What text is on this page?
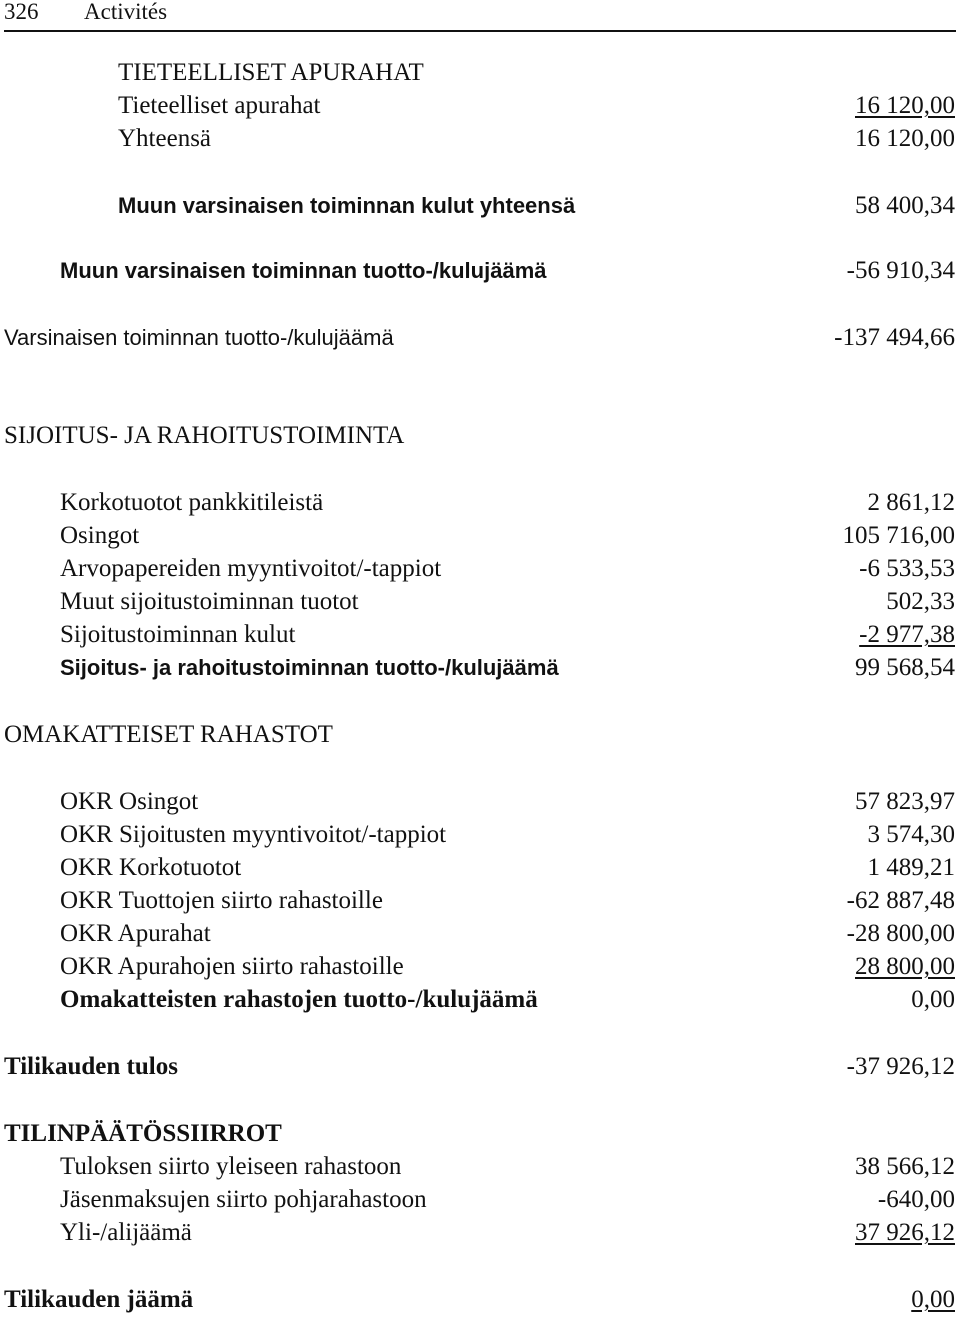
326 Activités
TIETEELLISET APURAHAT
Tieteelliset apurahat	16 120,00
Yhteensä	16 120,00
Muun varsinaisen toiminnan kulut yhteensä	58 400,34
Muun varsinaisen toiminnan tuotto-/kulujäämä	-56 910,34
Varsinaisen toiminnan tuotto-/kulujäämä	-137 494,66
SIJOITUS- JA RAHOITUSTOIMINTA
Korkotuotot pankkitileistä	2 861,12
Osingot	105 716,00
Arvopapereiden myyntivoitot/-tappiot	-6 533,53
Muut sijoitustoiminnan tuotot	502,33
Sijoitustoiminnan kulut	-2 977,38
Sijoitus- ja rahoitustoiminnan tuotto-/kulujäämä	99 568,54
OMAKATTEISET RAHASTOT
OKR Osingot	57 823,97
OKR Sijoitusten myyntivoitot/-tappiot	3 574,30
OKR Korkotuotot	1 489,21
OKR Tuottojen siirto rahastoille	-62 887,48
OKR Apurahat	-28 800,00
OKR Apurahojen siirto rahastoille	28 800,00
Omakatteisten rahastojen tuotto-/kulujäämä	0,00
Tilikauden tulos	-37 926,12
TILINPÄÄTÖSSIIRROT
Tuloksen siirto yleiseen rahastoon	38 566,12
Jäsenmaksujen siirto pohjarahastoon	-640,00
Yli-/alijäämä	37 926,12
Tilikauden jäämä	0,00
